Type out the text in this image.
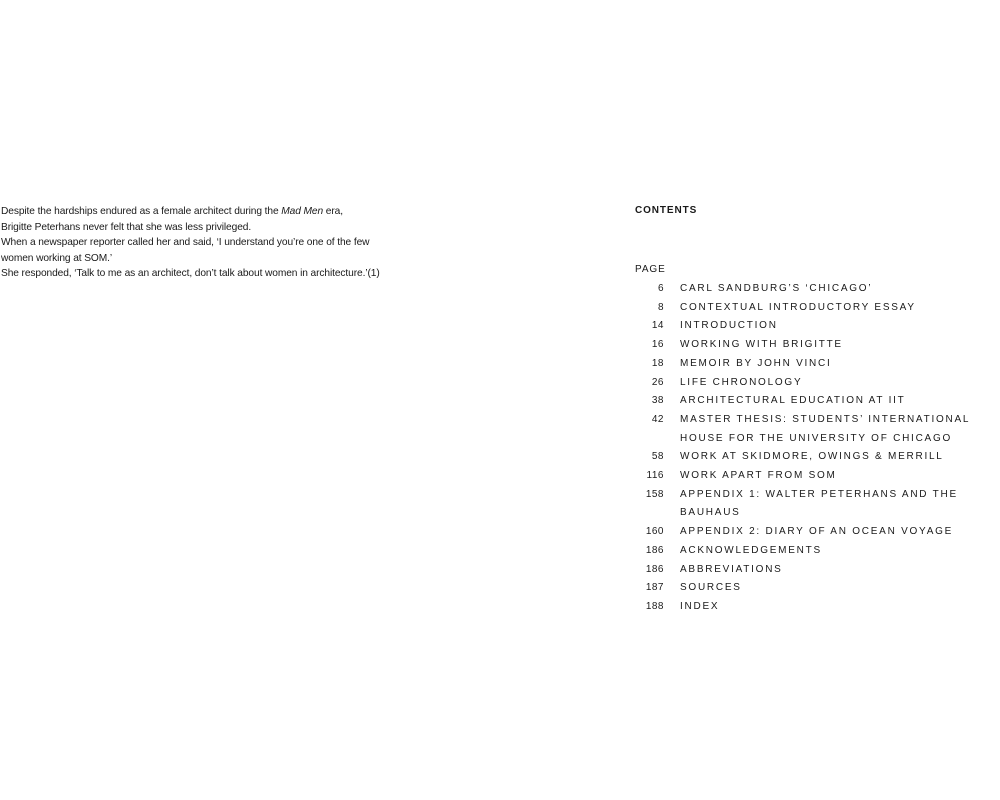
Despite the hardships endured as a female architect during the Mad Men era,

Brigitte Peterhans never felt that she was less privileged.

When a newspaper reporter called her and said, ‘I understand you’re one of the few

women working at SOM.’

She responded, ‘Talk to me as an architect, don’t talk about women in architecture.’(1)

CONTENTS
PAGE
6 CARL SANDBURG’S ‘CHICAGO’
8 CONTEXTUAL INTRODUCTORY ESSAY
14 INTRODUCTION
16 WORKING WITH BRIGITTE
18 MEMOIR BY JOHN VINCI
26 LIFE CHRONOLOGY
38 ARCHITECTURAL EDUCATION AT IIT
42 MASTER THESIS: STUDENTS’ INTERNATIONAL HOUSE FOR THE UNIVERSITY OF CHICAGO
58 WORK AT SKIDMORE, OWINGS & MERRILL
116 WORK APART FROM SOM
158 APPENDIX 1: WALTER PETERHANS AND THE BAUHAUS
160 APPENDIX 2: DIARY OF AN OCEAN VOYAGE
186 ACKNOWLEDGEMENTS
186 ABBREVIATIONS
187 SOURCES
188 INDEX
